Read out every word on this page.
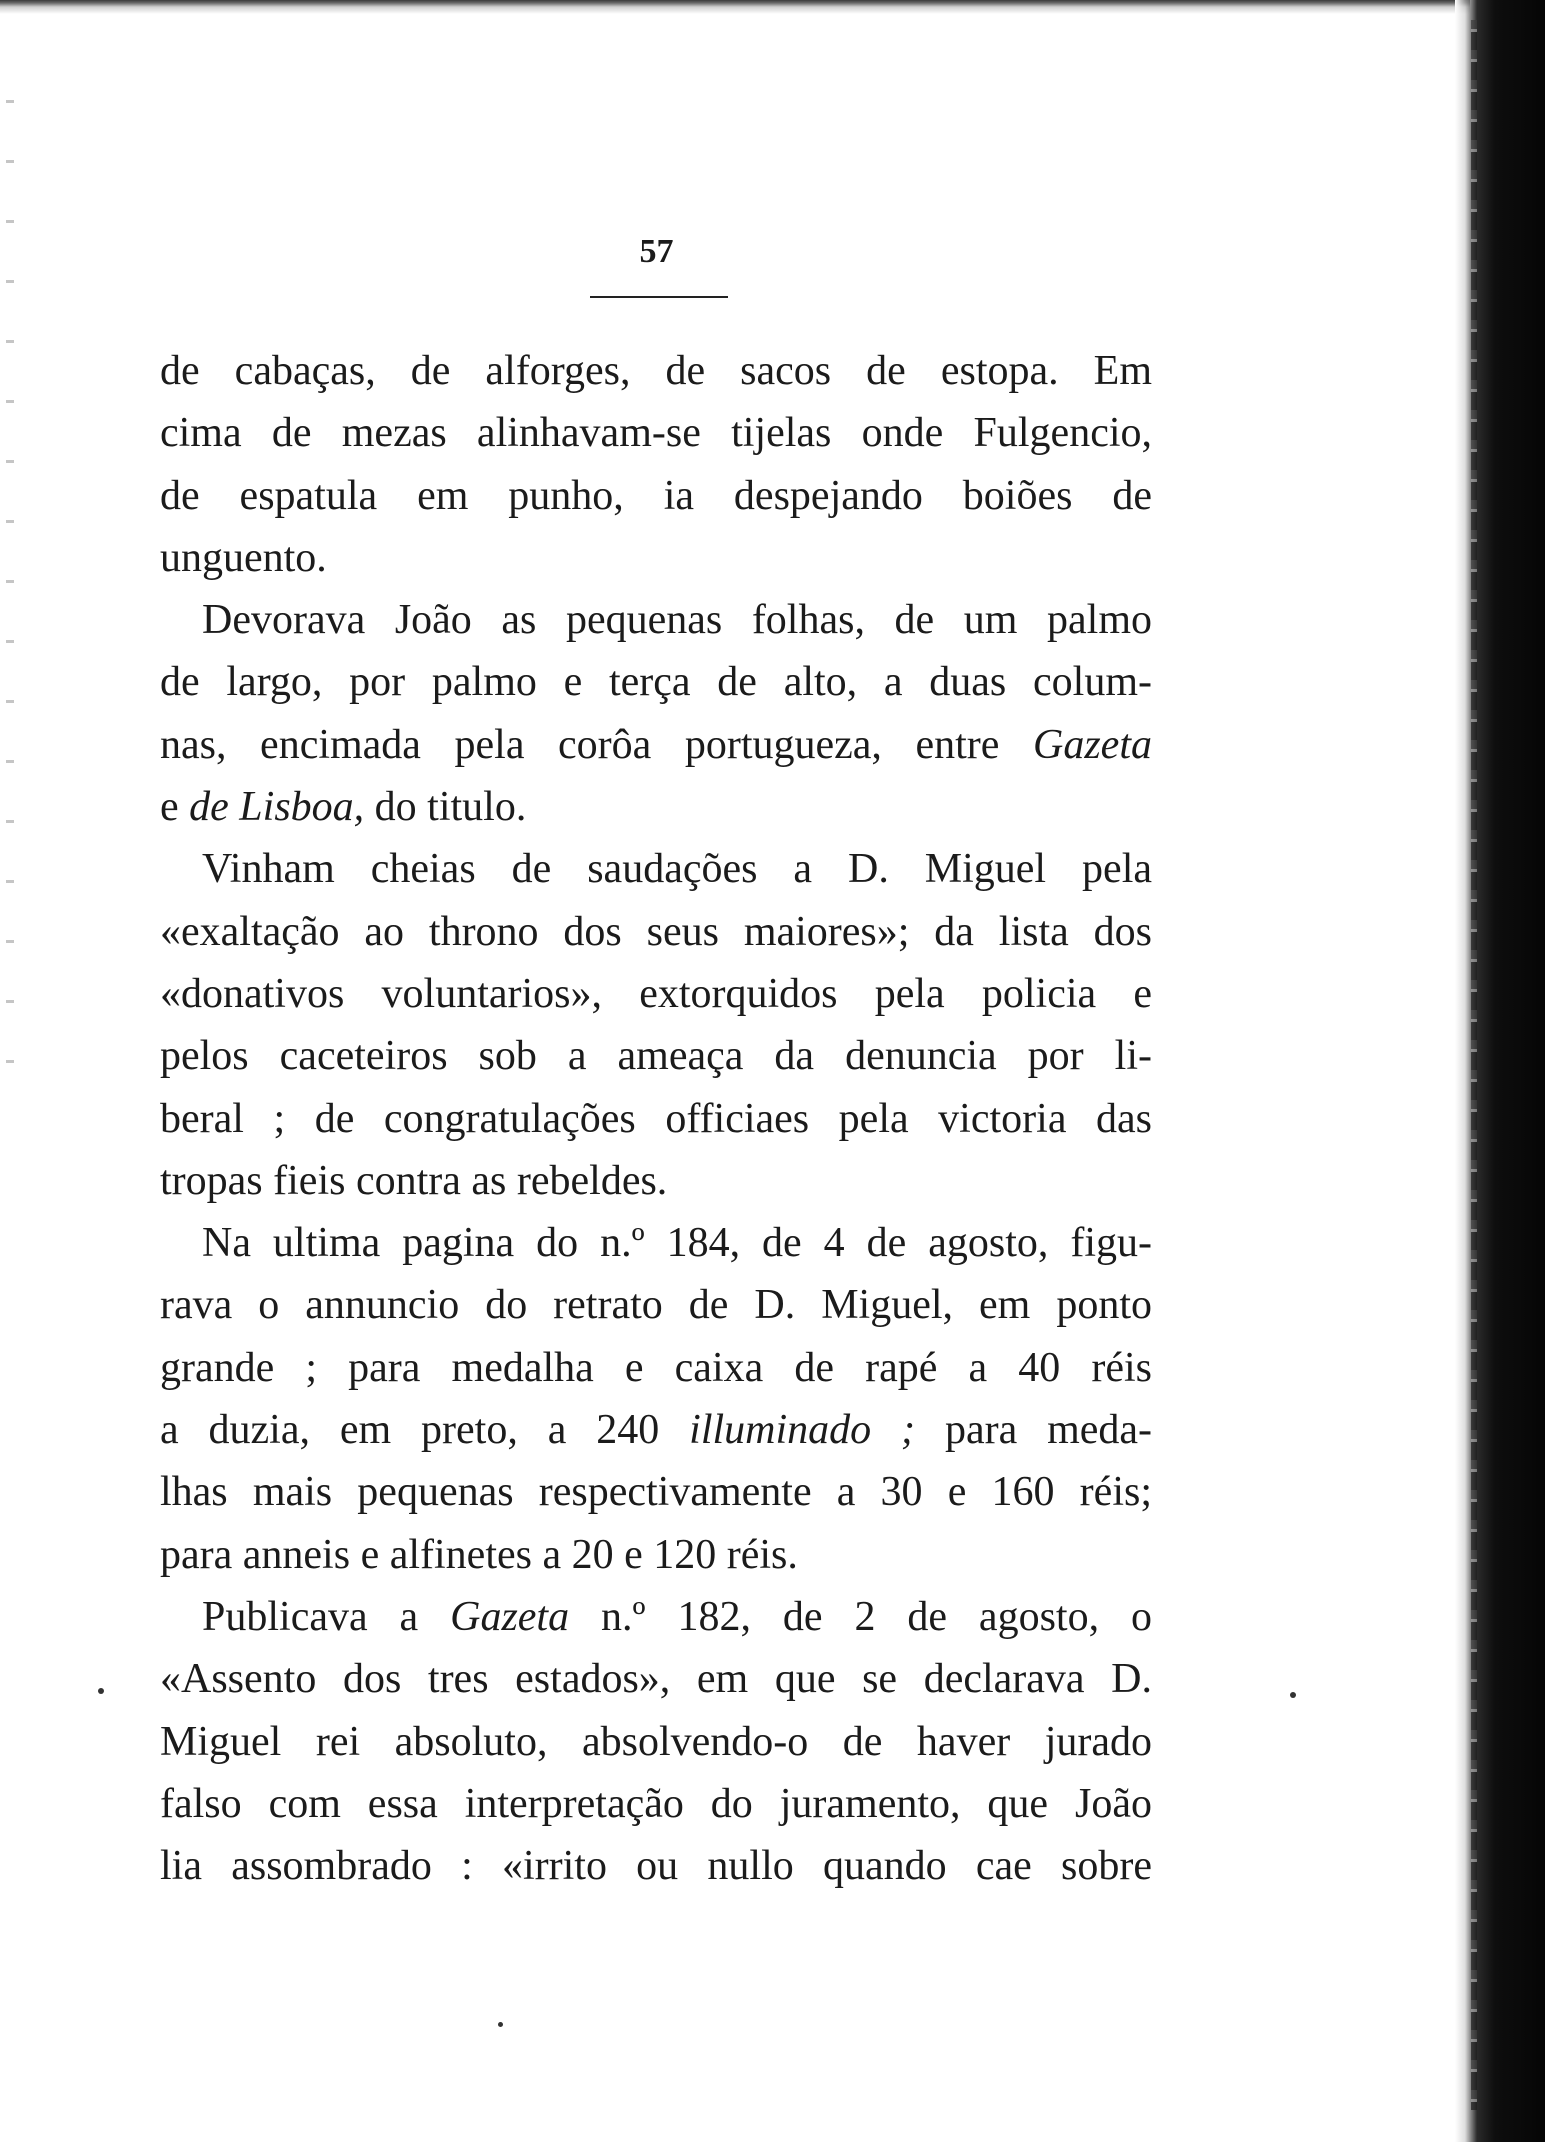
57
de cabaças, de alforges, de sacos de estopa. Em
cima de mezas alinhavam-se tijelas onde Fulgencio,
de espatula em punho, ia despejando boiões de
unguento.
Devorava João as pequenas folhas, de um palmo
de largo, por palmo e terça de alto, a duas colum-
nas, encimada pela corôa portugueza, entre Gazeta
e de Lisboa, do titulo.
Vinham cheias de saudações a D. Miguel pela
«exaltação ao throno dos seus maiores»; da lista dos
«donativos voluntarios», extorquidos pela policia e
pelos caceteiros sob a ameaça da denuncia por li-
beral ; de congratulações officiaes pela victoria das
tropas fieis contra as rebeldes.
Na ultima pagina do n.º 184, de 4 de agosto, figu-
rava o annuncio do retrato de D. Miguel, em ponto
grande ; para medalha e caixa de rapé a 40 réis
a duzia, em preto, a 240 illuminado ; para meda-
lhas mais pequenas respectivamente a 30 e 160 réis;
para anneis e alfinetes a 20 e 120 réis.
Publicava a Gazeta n.º 182, de 2 de agosto, o
«Assento dos tres estados», em que se declarava D.
Miguel rei absoluto, absolvendo-o de haver jurado
falso com essa interpretação do juramento, que João
lia assombrado : «irrito ou nullo quando cae sobre
